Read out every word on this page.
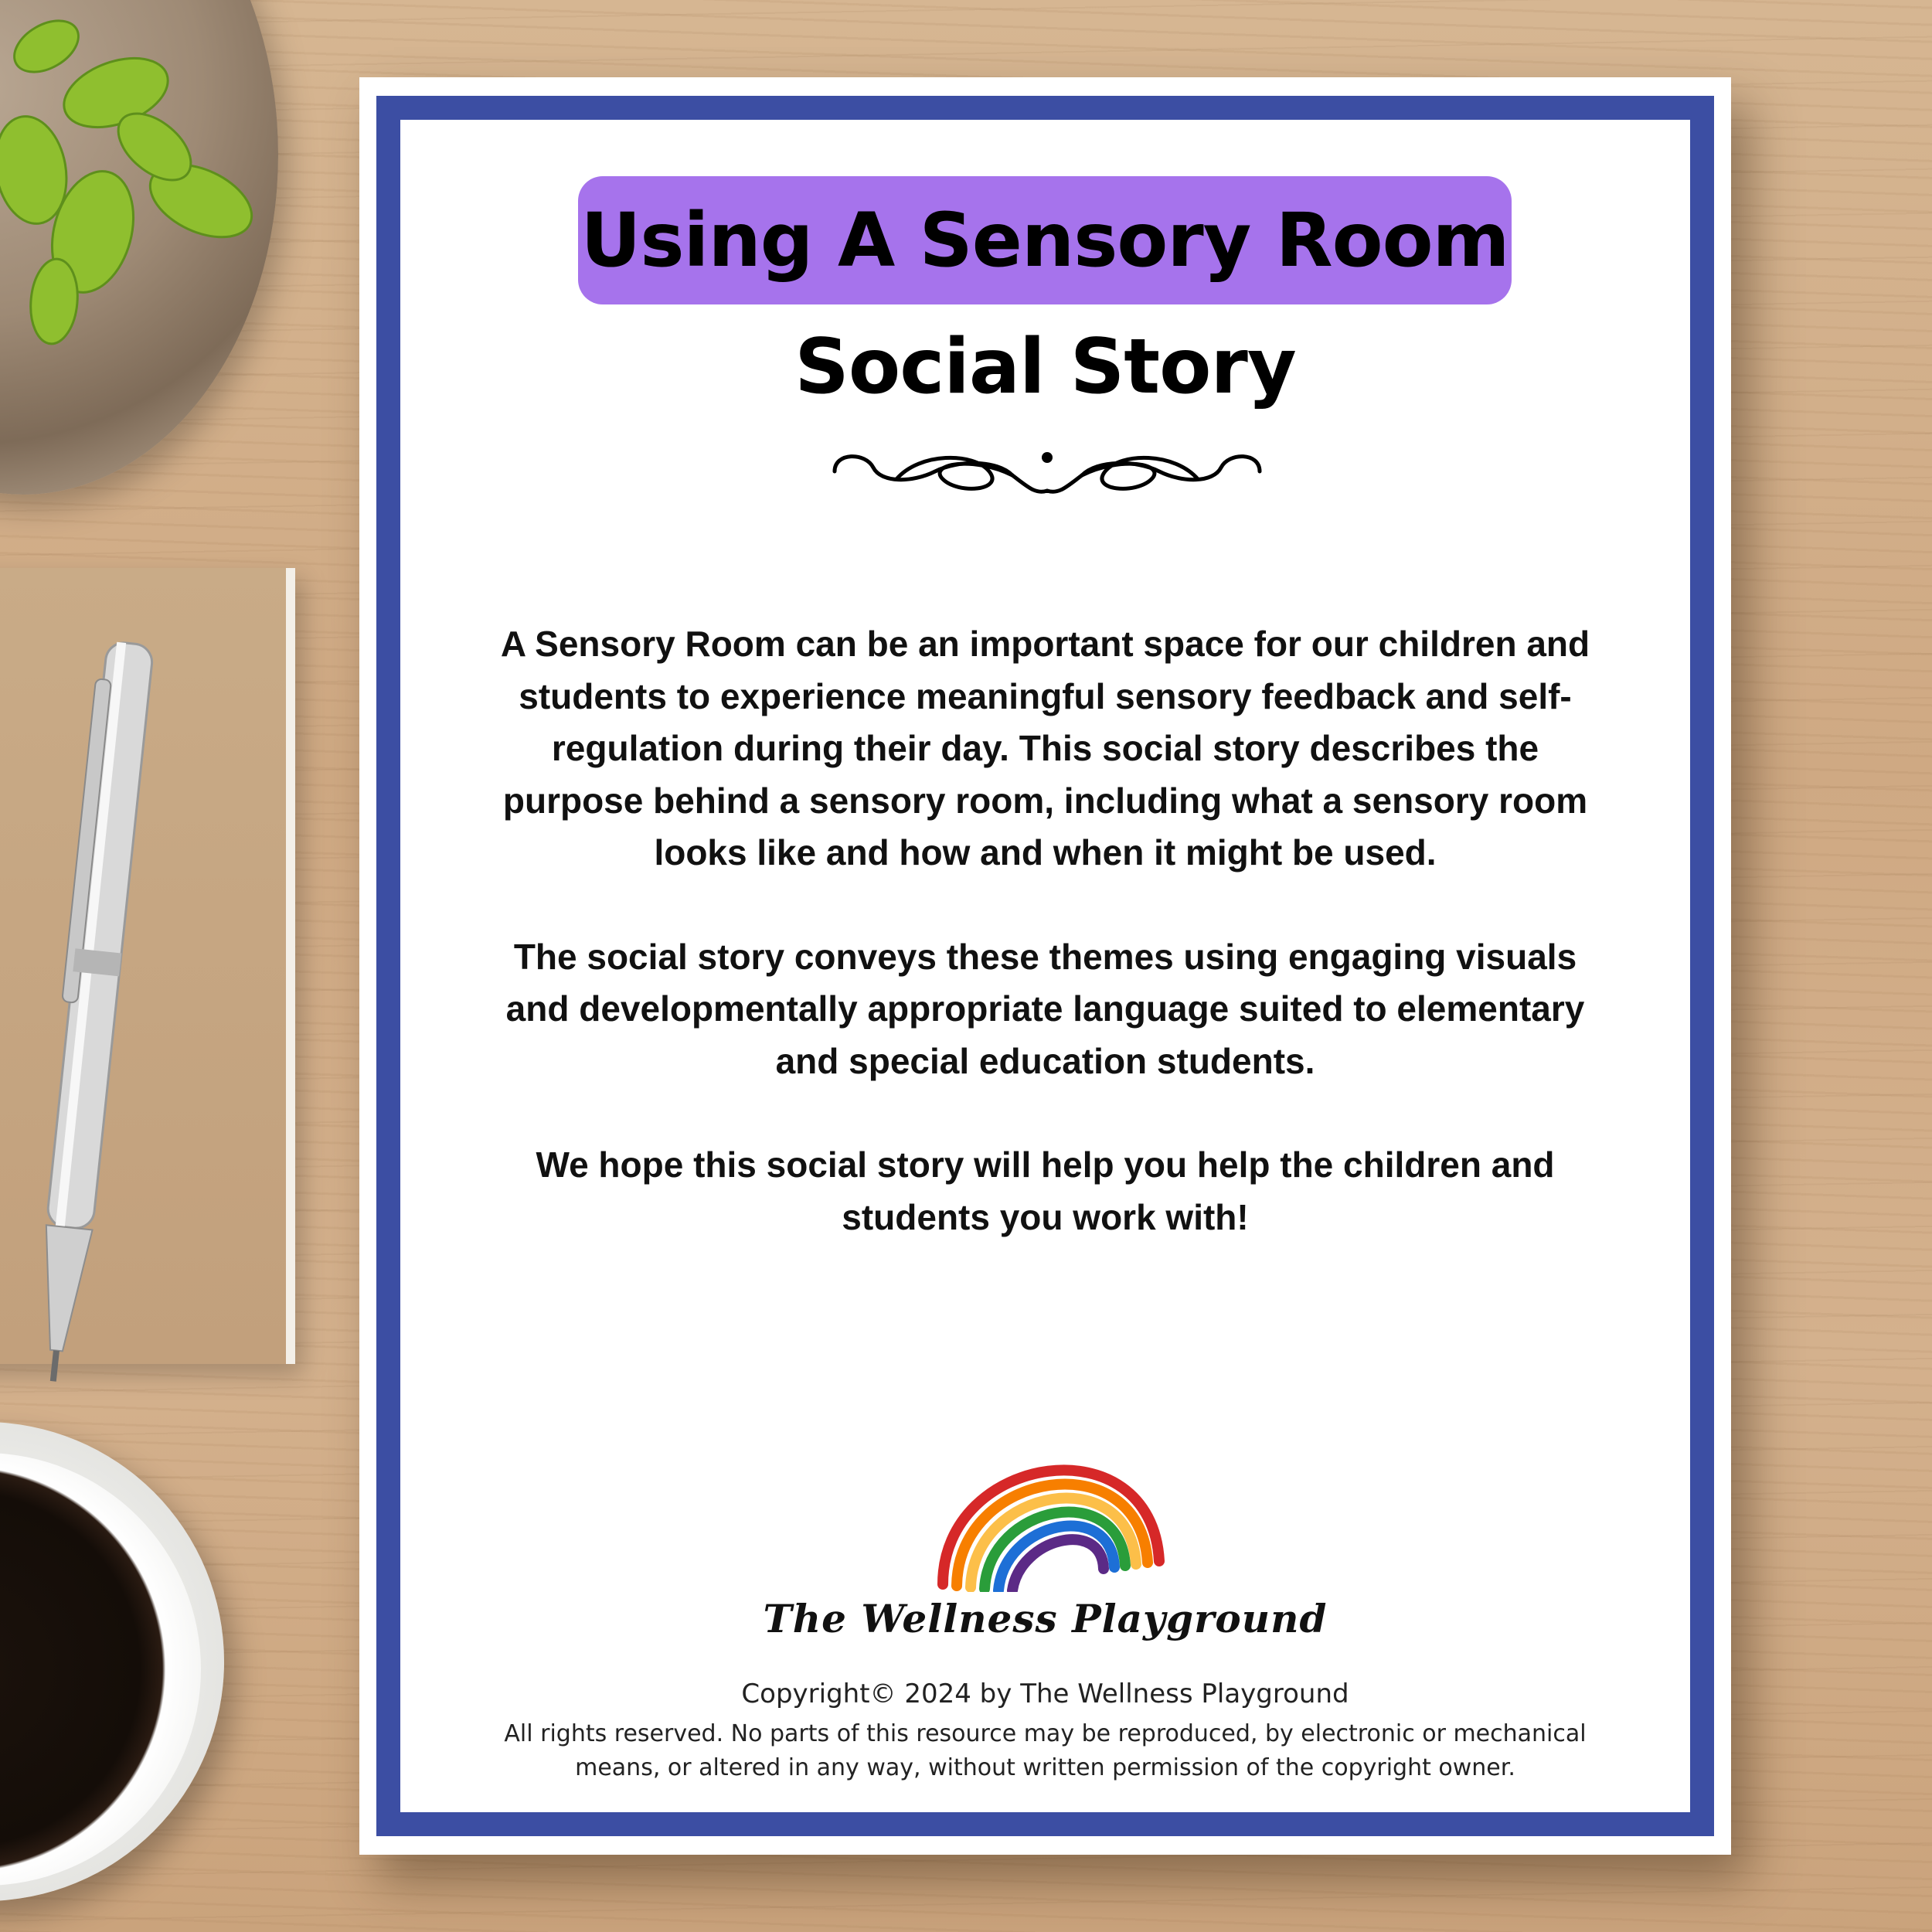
Using A Sensory Room
Social Story

A Sensory Room can be an important space for our children and students to experience meaningful sensory feedback and self-regulation during their day. This social story describes the purpose behind a sensory room, including what a sensory room looks like and how and when it might be used.

The social story conveys these themes using engaging visuals and developmentally appropriate language suited to elementary and special education students.

We hope this social story will help you help the children and students you work with!

The Wellness Playground
Copyright© 2024 by The Wellness Playground
All rights reserved. No parts of this resource may be reproduced, by electronic or mechanical means, or altered in any way, without written permission of the copyright owner.
